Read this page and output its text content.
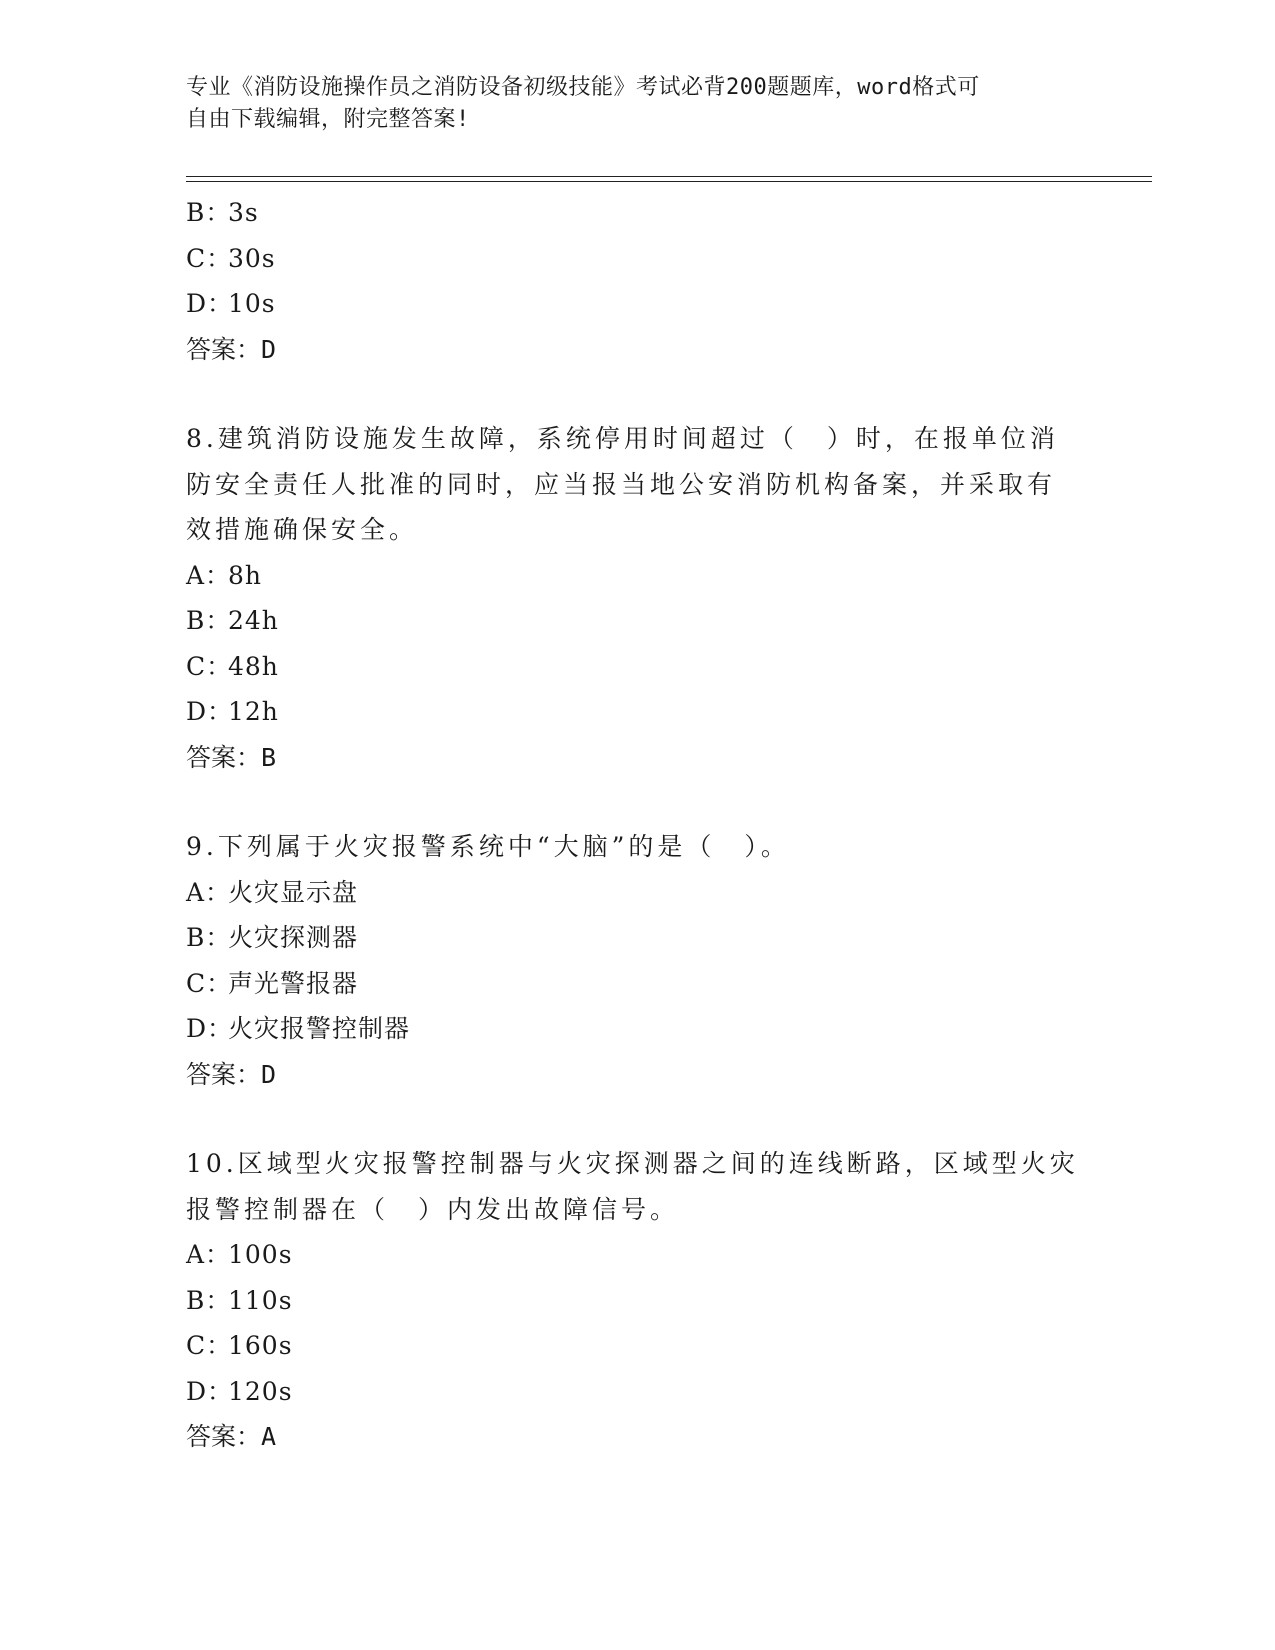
专业《消防设施操作员之消防设备初级技能》考试必背200题题库，word格式可
自由下载编辑，附完整答案!
B：3s
C：30s
D：10s
答案：D
8.建筑消防设施发生故障，系统停用时间超过（　）时，在报单位消
防安全责任人批准的同时，应当报当地公安消防机构备案，并采取有
效措施确保安全。
A：8h
B：24h
C：48h
D：12h
答案：B
9.下列属于火灾报警系统中“大脑”的是（　）。
A：火灾显示盘
B：火灾探测器
C：声光警报器
D：火灾报警控制器
答案：D
10.区域型火灾报警控制器与火灾探测器之间的连线断路，区域型火灾
报警控制器在（　）内发出故障信号。
A：100s
B：110s
C：160s
D：120s
答案：A
